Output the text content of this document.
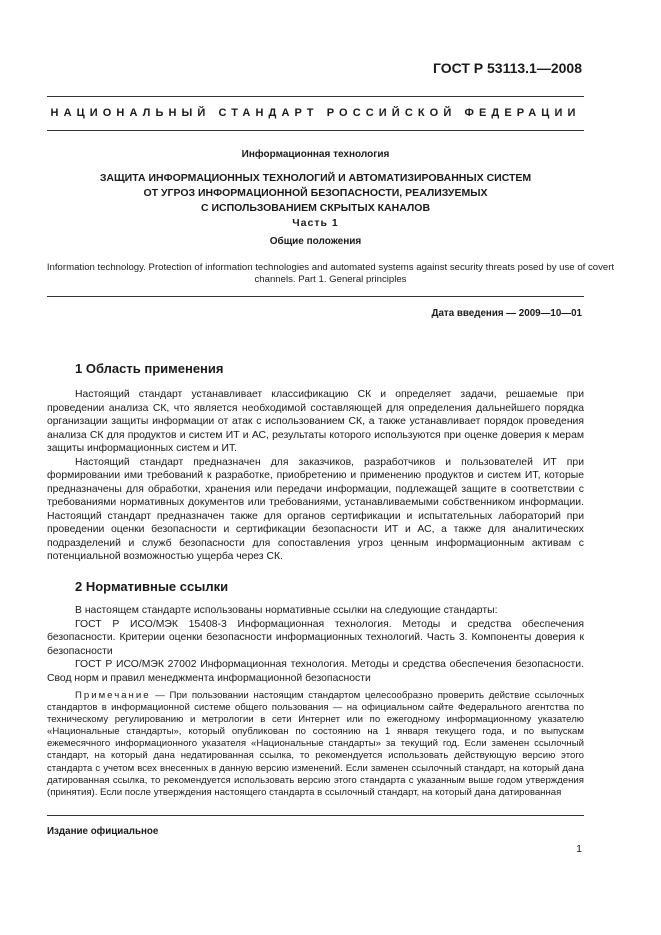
ГОСТ Р 53113.1—2008
НАЦИОНАЛЬНЫЙ СТАНДАРТ РОССИЙСКОЙ ФЕДЕРАЦИИ
Информационная технология
ЗАЩИТА ИНФОРМАЦИОННЫХ ТЕХНОЛОГИЙ И АВТОМАТИЗИРОВАННЫХ СИСТЕМ
ОТ УГРОЗ ИНФОРМАЦИОННОЙ БЕЗОПАСНОСТИ, РЕАЛИЗУЕМЫХ
С ИСПОЛЬЗОВАНИЕМ СКРЫТЫХ КАНАЛОВ
Часть 1
Общие положения
Information technology. Protection of information technologies and automated systems against security threats posed by use of covert channels. Part 1. General principles
Дата введения — 2009—10—01
1 Область применения

Настоящий стандарт устанавливает классификацию СК и определяет задачи, решаемые при проведении анализа СК, что является необходимой составляющей для определения дальнейшего порядка организации защиты информации от атак с использованием СК, а также устанавливает порядок проведения анализа СК для продуктов и систем ИТ и АС, результаты которого используются при оценке доверия к мерам защиты информационных систем и ИТ.

Настоящий стандарт предназначен для заказчиков, разработчиков и пользователей ИТ при формировании ими требований к разработке, приобретению и применению продуктов и систем ИТ, которые предназначены для обработки, хранения или передачи информации, подлежащей защите в соответствии с требованиями нормативных документов или требованиями, устанавливаемыми собственником информации. Настоящий стандарт предназначен также для органов сертификации и испытательных лабораторий при проведении оценки безопасности и сертификации безопасности ИТ и АС, а также для аналитических подразделений и служб безопасности для сопоставления угроз ценным информационным активам с потенциальной возможностью ущерба через СК.

2 Нормативные ссылки

В настоящем стандарте использованы нормативные ссылки на следующие стандарты:

ГОСТ Р ИСО/МЭК 15408-3 Информационная технология. Методы и средства обеспечения безопасности. Критерии оценки безопасности информационных технологий. Часть 3. Компоненты доверия к безопасности

ГОСТ Р ИСО/МЭК 27002 Информационная технология. Методы и средства обеспечения безопасности. Свод норм и правил менеджмента информационной безопасности

Примечание — При пользовании настоящим стандартом целесообразно проверить действие ссылочных стандартов в информационной системе общего пользования — на официальном сайте Федерального агентства по техническому регулированию и метрологии в сети Интернет или по ежегодному информационному указателю «Национальные стандарты», который опубликован по состоянию на 1 января текущего года, и по выпускам ежемесячного информационного указателя «Национальные стандарты» за текущий год. Если заменен ссылочный стандарт, на который дана недатированная ссылка, то рекомендуется использовать действующую версию этого стандарта с учетом всех внесенных в данную версию изменений. Если заменен ссылочный стандарт, на который дана датированная ссылка, то рекомендуется использовать версию этого стандарта с указанным выше годом утверждения (принятия). Если после утверждения настоящего стандарта в ссылочный стандарт, на который дана датированная

Издание официальное
1
